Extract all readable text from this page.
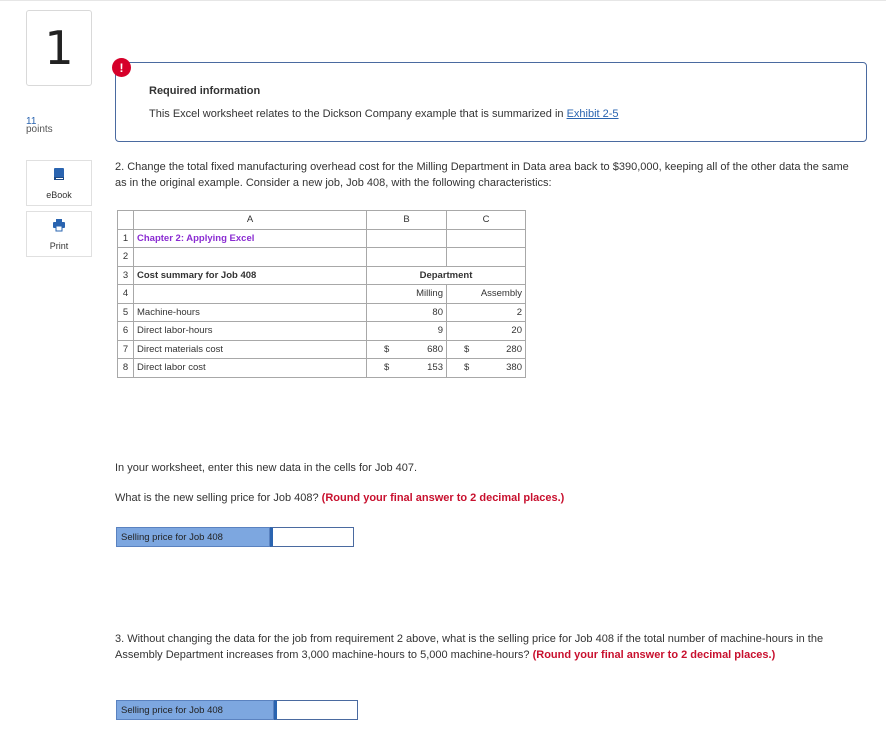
1
11
points
eBook
Print
Required information
This Excel worksheet relates to the Dickson Company example that is summarized in Exhibit 2-5
!
2. Change the total fixed manufacturing overhead cost for the Milling Department in Data area back to $390,000, keeping all of the other data the same as in the original example. Consider a new job, Job 408, with the following characteristics:
	A	B	C
1	Chapter 2: Applying Excel		
2			
3	Cost summary for Job 408	Department	
4		Milling	Assembly
5	Machine-hours	80	2
6	Direct labor-hours	9	20
7	Direct materials cost	$ 680	$ 280

8	Direct labor cost	$ 153	$ 380
In your worksheet, enter this new data in the cells for Job 407.
What is the new selling price for Job 408? (Round your final answer to 2 decimal places.)
Selling price for Job 408
3. Without changing the data for the job from requirement 2 above, what is the selling price for Job 408 if the total number of machine-hours in the Assembly Department increases from 3,000 machine-hours to 5,000 machine-hours? (Round your final answer to 2 decimal places.)
Selling price for Job 408
